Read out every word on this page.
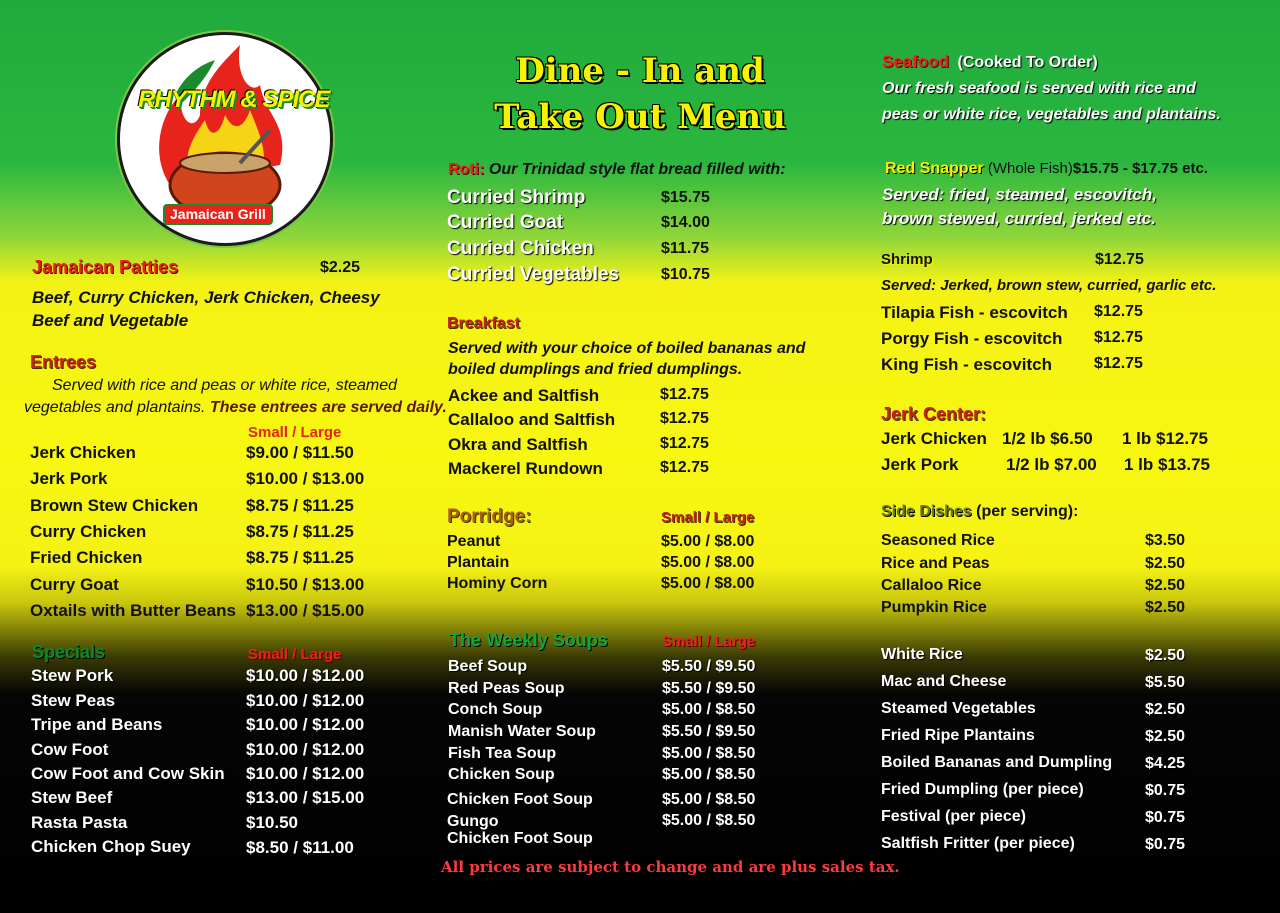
RHYTHM & SPICE
Jamaican Grill
Dine - In and
Take Out Menu
Jamaican Patties	$2.25
Beef, Curry Chicken, Jerk Chicken, Cheesy
Beef and Vegetable
Entrees
Served with rice and peas or white rice, steamed
vegetables and plantains. These entrees are served daily.
Small / Large
Jerk Chicken	$9.00 / $11.50
Jerk Pork	$10.00 / $13.00
Brown Stew Chicken	$8.75 / $11.25
Curry Chicken	$8.75 / $11.25
Fried Chicken	$8.75 / $11.25
Curry Goat	$10.50 / $13.00
Oxtails with Butter Beans $13.00 / $15.00
Specials	Small / Large
Stew Pork	$10.00 / $12.00
Stew Peas	$10.00 / $12.00
Tripe and Beans	$10.00 / $12.00
Cow Foot	$10.00 / $12.00
Cow Foot and Cow Skin $10.00 / $12.00
Stew Beef	$13.00 / $15.00
Rasta Pasta	$10.50
Chicken Chop Suey	$8.50 / $11.00
Roti: Our Trinidad style flat bread filled with:
Curried Shrimp	$15.75
Curried Goat	$14.00
Curried Chicken	$11.75
Curried Vegetables	$10.75
Breakfast
Served with your choice of boiled bananas and
boiled dumplings and fried dumplings.
Ackee and Saltfish	$12.75
Callaloo and Saltfish	$12.75
Okra and Saltfish	$12.75
Mackerel Rundown	$12.75
Porridge:	Small / Large
Peanut	$5.00 / $8.00
Plantain	$5.00 / $8.00
Hominy Corn	$5.00 / $8.00
The Weekly Soups	Small / Large
Beef Soup	$5.50 / $9.50
Red Peas Soup	$5.50 / $9.50
Conch Soup	$5.00 / $8.50
Manish Water Soup	$5.50 / $9.50
Fish Tea Soup	$5.00 / $8.50
Chicken Soup	$5.00 / $8.50
Chicken Foot Soup	$5.00 / $8.50
Gungo	$5.00 / $8.50
Chicken Foot Soup
All prices are subject to change and are plus sales tax.
Seafood (Cooked To Order)
Our fresh seafood is served with rice and
peas or white rice, vegetables and plantains.
Red Snapper (Whole Fish)$15.75 - $17.75 etc.
Served: fried, steamed, escovitch,
brown stewed, curried, jerked etc.
Shrimp	$12.75
Served: Jerked, brown stew, curried, garlic etc.
Tilapia Fish - escovitch $12.75
Porgy Fish - escovitch $12.75
King Fish - escovitch	$12.75
Jerk Center:
Jerk Chicken 1/2 lb $6.50 1 lb $12.75
Jerk Pork	1/2 lb $7.00 1 lb $13.75
Side Dishes (per serving):
Seasoned Rice	$3.50
Rice and Peas	$2.50
Callaloo Rice	$2.50
Pumpkin Rice	$2.50
White Rice	$2.50
Mac and Cheese	$5.50
Steamed Vegetables	$2.50
Fried Ripe Plantains	$2.50
Boiled Bananas and Dumpling $4.25
Fried Dumpling (per piece)	$0.75
Festival (per piece)	$0.75
Saltfish Fritter (per piece)	$0.75
